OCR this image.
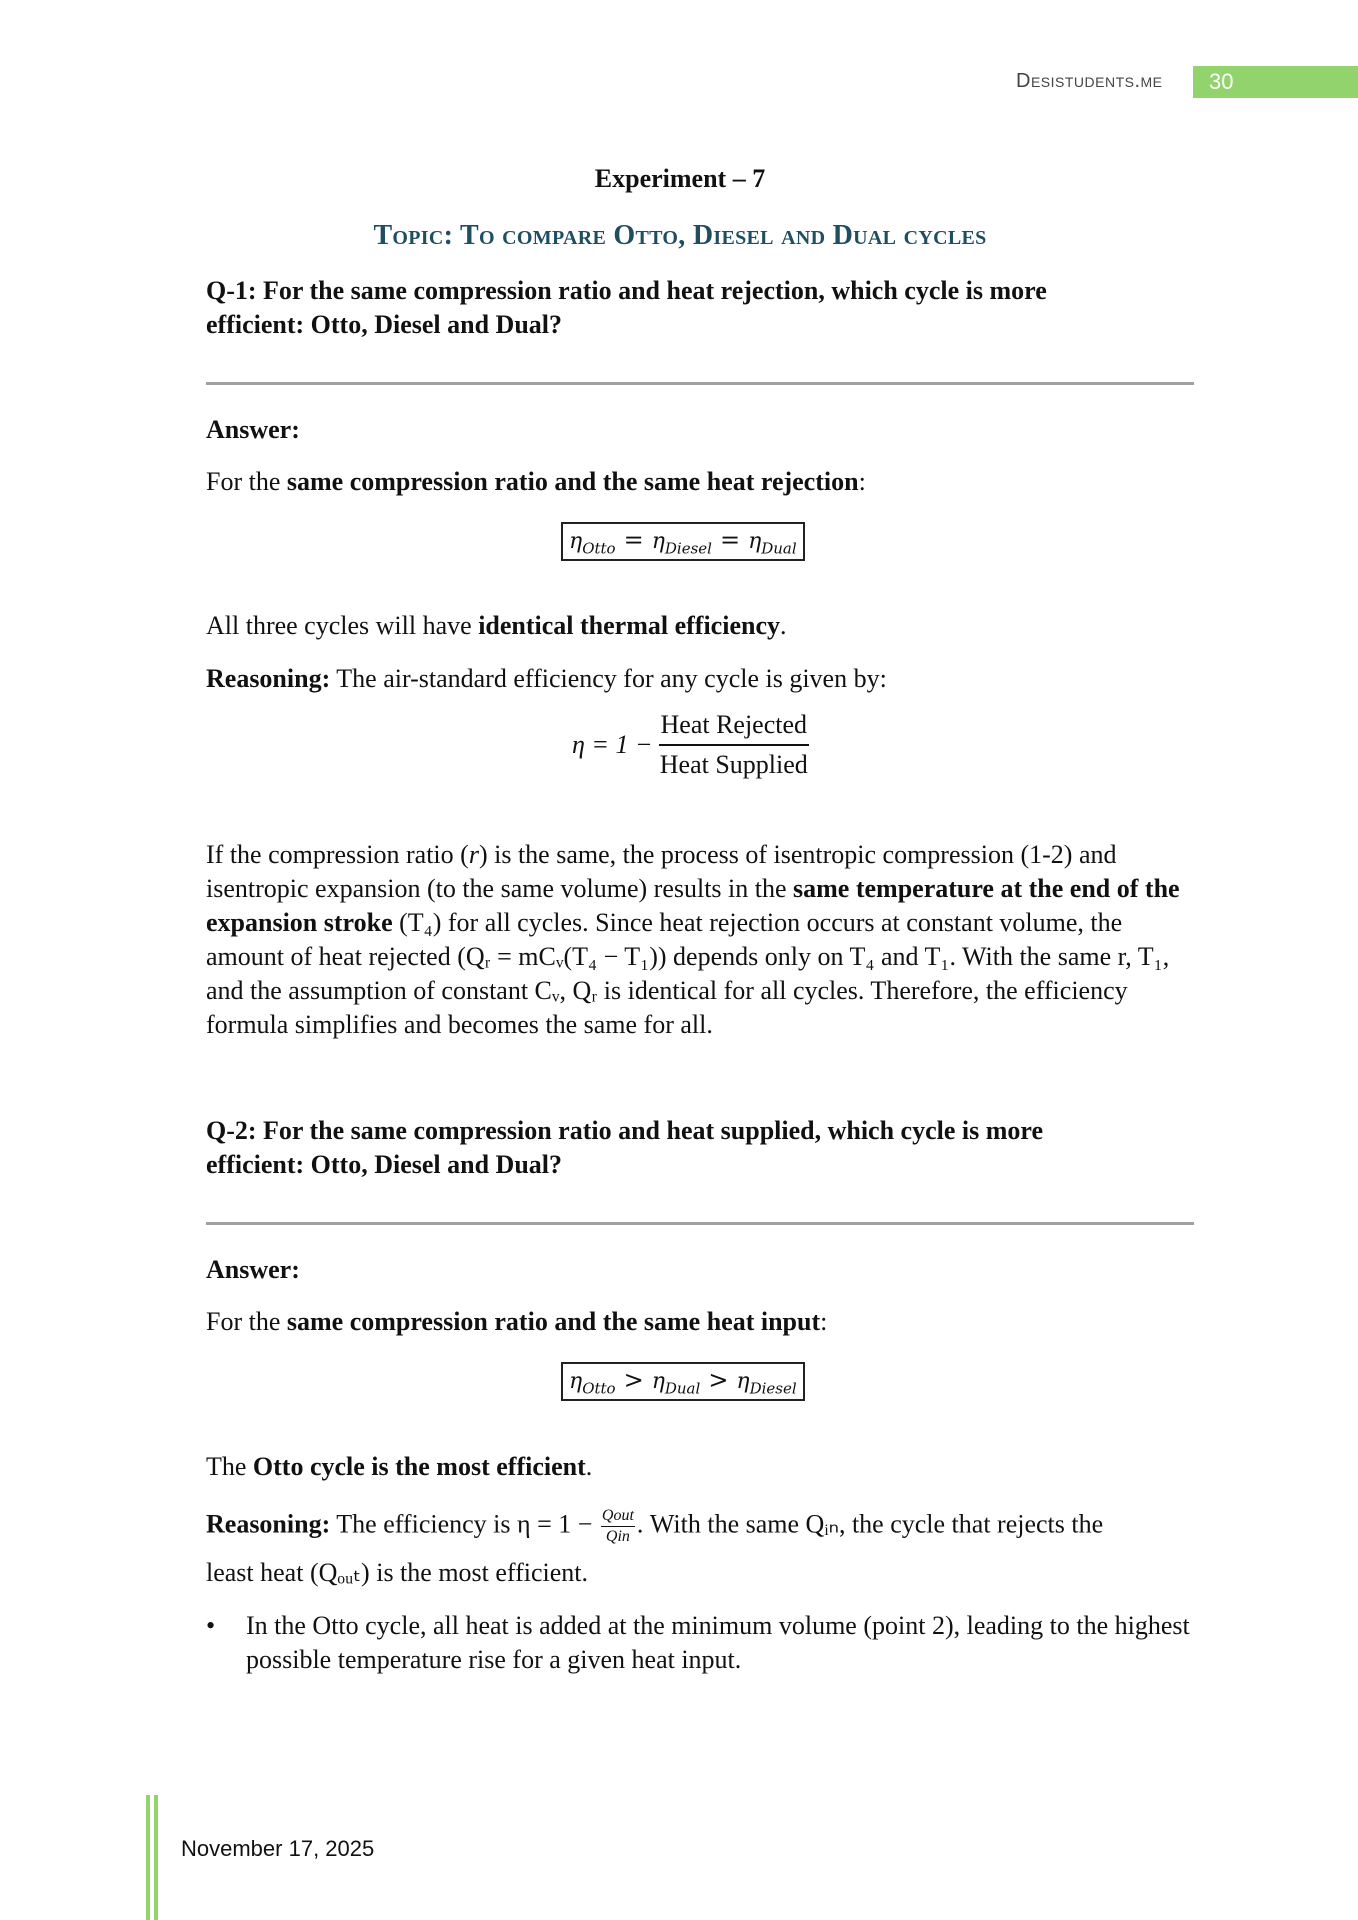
Desistudents.me	30
Experiment – 7
Topic: To compare Otto, Diesel and Dual cycles
Q-1: For the same compression ratio and heat rejection, which cycle is more
efficient: Otto, Diesel and Dual?
Answer:
For the same compression ratio and the same heat rejection:
$\eta_{Otto} = \eta_{Diesel} = \eta_{Dual}$
All three cycles will have identical thermal efficiency.
Reasoning: The air-standard efficiency for any cycle is given by:
$\eta = 1 - \frac{\text{Heat Rejected}}{\text{Heat Supplied}}$
If the compression ratio (r) is the same, the process of isentropic compression (1-2) and isentropic expansion (to the same volume) results in the same temperature at the end of the expansion stroke (T₄) for all cycles. Since heat rejection occurs at constant volume, the amount of heat rejected (Qᵣ = mCᵥ(T₄ − T₁)) depends only on T₄ and T₁. With the same r, T₁, and the assumption of constant Cᵥ, Qᵣ is identical for all cycles. Therefore, the efficiency formula simplifies and becomes the same for all.
Q-2: For the same compression ratio and heat supplied, which cycle is more
efficient: Otto, Diesel and Dual?
Answer:
For the same compression ratio and the same heat input:
$\eta_{Otto} > \eta_{Dual} > \eta_{Diesel}$
The Otto cycle is the most efficient.
Reasoning: The efficiency is $\eta = 1 - \frac{\text{Qout}}{\text{Qin}}$ . With the same Qᵢₙ, the cycle that rejects the
least heat (Qₒᵤₜ) is the most efficient.
• In the Otto cycle, all heat is added at the minimum volume (point 2), leading to the highest possible temperature rise for a given heat input.
November 17, 2025
